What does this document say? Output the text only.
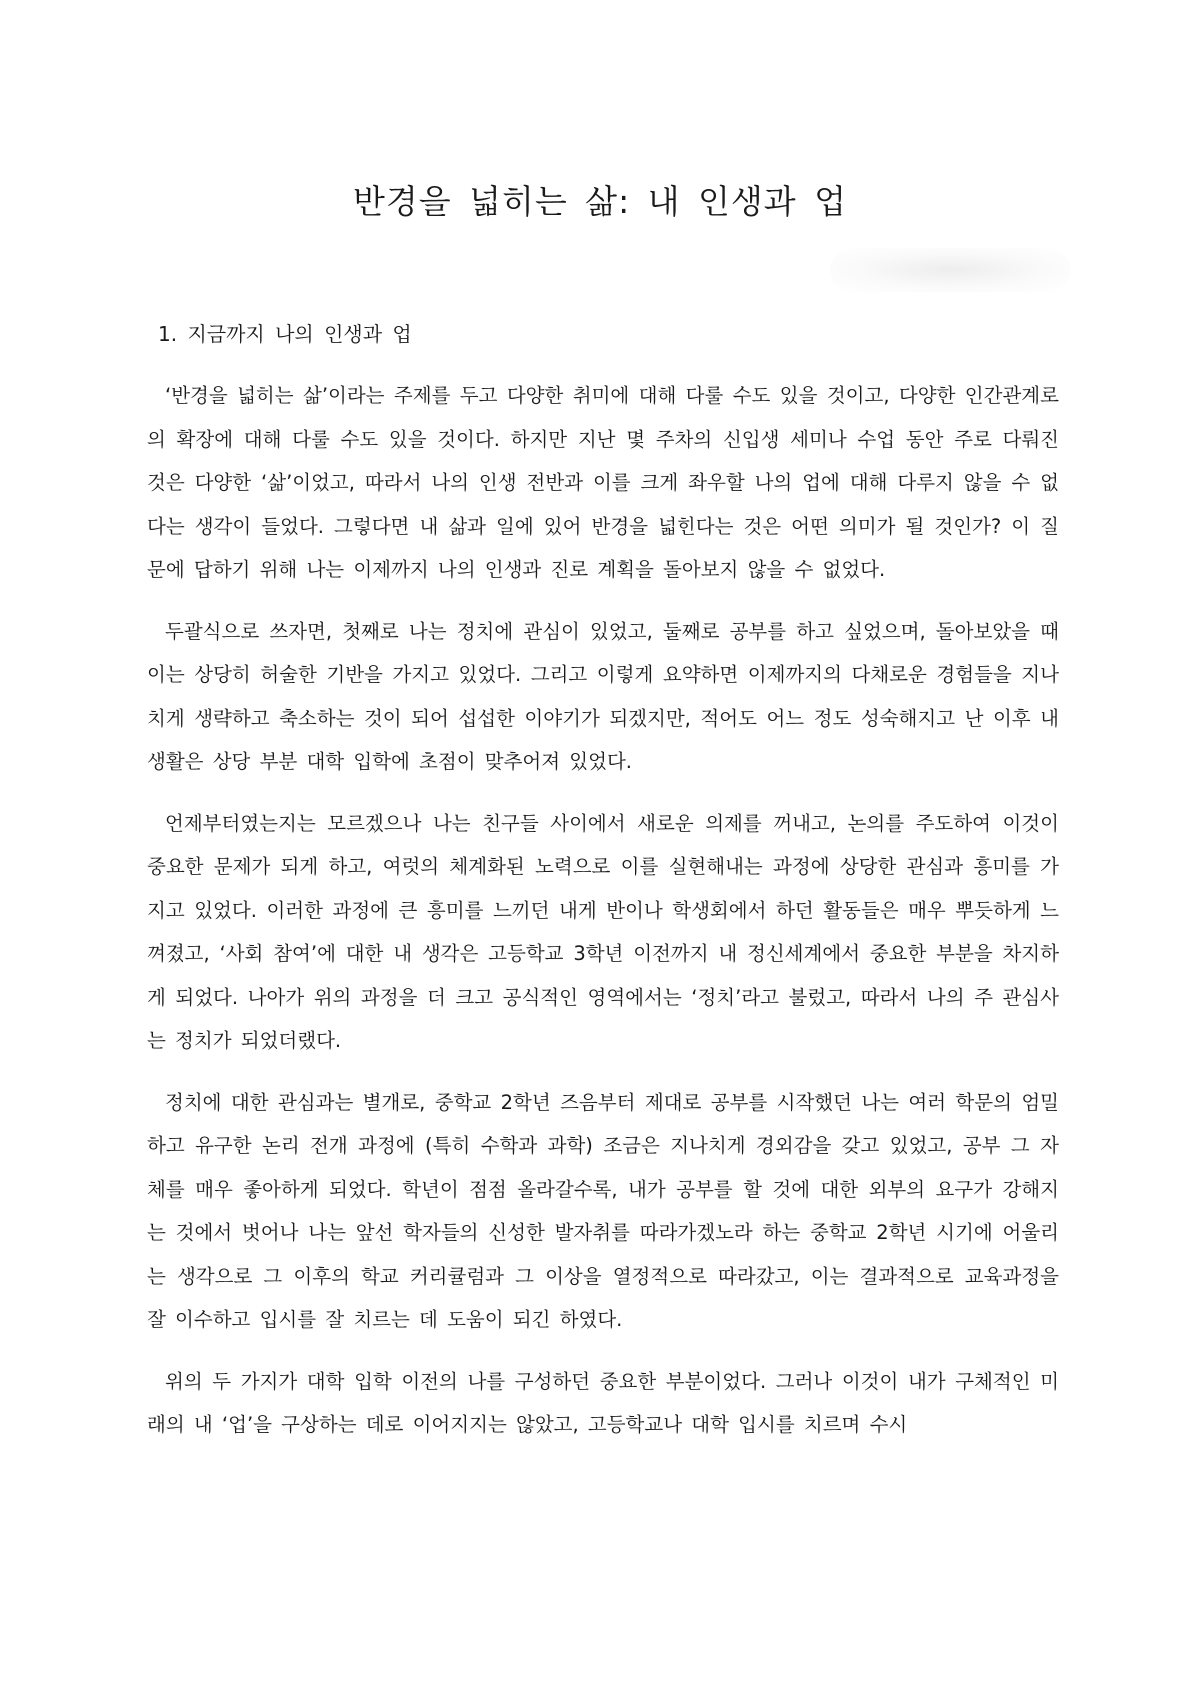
반경을 넓히는 삶: 내 인생과 업
1. 지금까지 나의 인생과 업

‘반경을 넓히는 삶’이라는 주제를 두고 다양한 취미에 대해 다룰 수도 있을 것이고, 다양한 인간관계로의 확장에 대해 다룰 수도 있을 것이다. 하지만 지난 몇 주차의 신입생 세미나 수업 동안 주로 다뤄진 것은 다양한 ‘삶’이었고, 따라서 나의 인생 전반과 이를 크게 좌우할 나의 업에 대해 다루지 않을 수 없다는 생각이 들었다. 그렇다면 내 삶과 일에 있어 반경을 넓힌다는 것은 어떤 의미가 될 것인가? 이 질문에 답하기 위해 나는 이제까지 나의 인생과 진로 계획을 돌아보지 않을 수 없었다.

두괄식으로 쓰자면, 첫째로 나는 정치에 관심이 있었고, 둘째로 공부를 하고 싶었으며, 돌아보았을 때 이는 상당히 허술한 기반을 가지고 있었다. 그리고 이렇게 요약하면 이제까지의 다채로운 경험들을 지나치게 생략하고 축소하는 것이 되어 섭섭한 이야기가 되겠지만, 적어도 어느 정도 성숙해지고 난 이후 내 생활은 상당 부분 대학 입학에 초점이 맞추어져 있었다.

언제부터였는지는 모르겠으나 나는 친구들 사이에서 새로운 의제를 꺼내고, 논의를 주도하여 이것이 중요한 문제가 되게 하고, 여럿의 체계화된 노력으로 이를 실현해내는 과정에 상당한 관심과 흥미를 가지고 있었다. 이러한 과정에 큰 흥미를 느끼던 내게 반이나 학생회에서 하던 활동들은 매우 뿌듯하게 느껴졌고, ‘사회 참여’에 대한 내 생각은 고등학교 3학년 이전까지 내 정신세계에서 중요한 부분을 차지하게 되었다. 나아가 위의 과정을 더 크고 공식적인 영역에서는 ‘정치’라고 불렀고, 따라서 나의 주 관심사는 정치가 되었더랬다.

정치에 대한 관심과는 별개로, 중학교 2학년 즈음부터 제대로 공부를 시작했던 나는 여러 학문의 엄밀하고 유구한 논리 전개 과정에 (특히 수학과 과학) 조금은 지나치게 경외감을 갖고 있었고, 공부 그 자체를 매우 좋아하게 되었다. 학년이 점점 올라갈수록, 내가 공부를 할 것에 대한 외부의 요구가 강해지는 것에서 벗어나 나는 앞선 학자들의 신성한 발자취를 따라가겠노라 하는 중학교 2학년 시기에 어울리는 생각으로 그 이후의 학교 커리큘럼과 그 이상을 열정적으로 따라갔고, 이는 결과적으로 교육과정을 잘 이수하고 입시를 잘 치르는 데 도움이 되긴 하였다.

위의 두 가지가 대학 입학 이전의 나를 구성하던 중요한 부분이었다. 그러나 이것이 내가 구체적인 미래의 내 ‘업’을 구상하는 데로 이어지지는 않았고, 고등학교나 대학 입시를 치르며 수시
